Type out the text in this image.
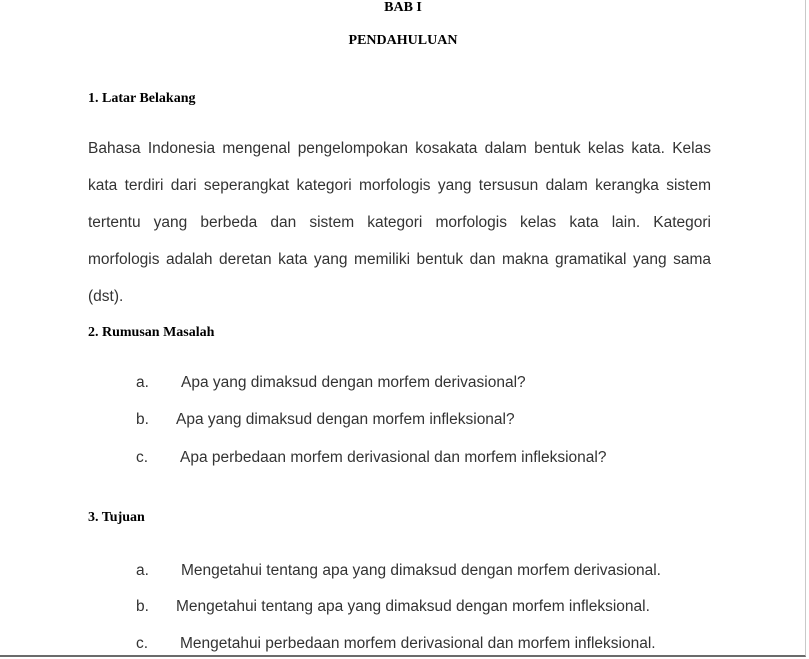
BAB I
PENDAHULUAN
1. Latar Belakang
Bahasa Indonesia mengenal pengelompokan kosakata dalam bentuk kelas kata. Kelas
kata terdiri dari seperangkat kategori morfologis yang tersusun dalam kerangka sistem
tertentu yang berbeda dan sistem kategori morfologis kelas kata lain. Kategori
morfologis adalah deretan kata yang memiliki bentuk dan makna gramatikal yang sama
(dst).
2. Rumusan Masalah
a. Apa yang dimaksud dengan morfem derivasional?
b. Apa yang dimaksud dengan morfem infleksional?
c. Apa perbedaan morfem derivasional dan morfem infleksional?
3. Tujuan
a. Mengetahui tentang apa yang dimaksud dengan morfem derivasional.
b. Mengetahui tentang apa yang dimaksud dengan morfem infleksional.
c. Mengetahui perbedaan morfem derivasional dan morfem infleksional.
